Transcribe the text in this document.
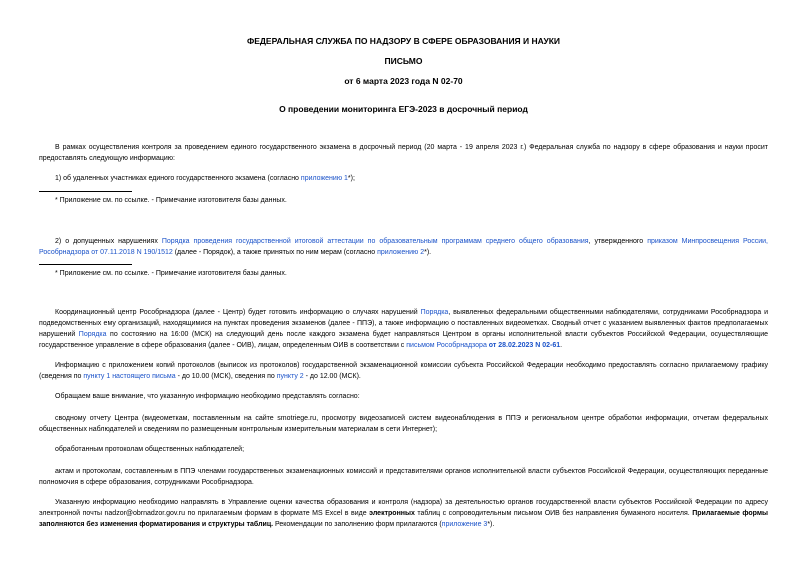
ФЕДЕРАЛЬНАЯ СЛУЖБА ПО НАДЗОРУ В СФЕРЕ ОБРАЗОВАНИЯ И НАУКИ
ПИСЬМО
от 6 марта 2023 года N 02-70
О проведении мониторинга ЕГЭ-2023 в досрочный период
В рамках осуществления контроля за проведением единого государственного экзамена в досрочный период (20 марта - 19 апреля 2023 г.) Федеральная служба по надзору в сфере образования и науки просит предоставлять следующую информацию:
1) об удаленных участниках единого государственного экзамена (согласно приложению 1*);
* Приложение см. по ссылке. - Примечание изготовителя базы данных.
2) о допущенных нарушениях Порядка проведения государственной итоговой аттестации по образовательным программам среднего общего образования, утвержденного приказом Минпросвещения России, Рособрнадзора от 07.11.2018 N 190/1512 (далее - Порядок), а также принятых по ним мерам (согласно приложению 2*).
* Приложение см. по ссылке. - Примечание изготовителя базы данных.
Координационный центр Рособрнадзора (далее - Центр) будет готовить информацию о случаях нарушений Порядка, выявленных федеральными общественными наблюдателями, сотрудниками Рособрнадзора и подведомственных ему организаций, находящимися на пунктах проведения экзаменов (далее - ППЭ), а также информацию о поставленных видеометках. Сводный отчет с указанием выявленных фактов предполагаемых нарушений Порядка по состоянию на 16:00 (МСК) на следующий день после каждого экзамена будет направляться Центром в органы исполнительной власти субъектов Российской Федерации, осуществляющие государственное управление в сфере образования (далее - ОИВ), лицам, определенным ОИВ в соответствии с письмом Рособрнадзора от 28.02.2023 N 02-61.
Информацию с приложением копий протоколов (выписок из протоколов) государственной экзаменационной комиссии субъекта Российской Федерации необходимо предоставлять согласно прилагаемому графику (сведения по пункту 1 настоящего письма - до 10.00 (МСК), сведения по пункту 2 - до 12.00 (МСК).
Обращаем ваше внимание, что указанную информацию необходимо представлять согласно:
сводному отчету Центра (видеометкам, поставленным на сайте smotriege.ru, просмотру видеозаписей систем видеонаблюдения в ППЭ и региональном центре обработки информации, отчетам федеральных общественных наблюдателей и сведениям по размещенным контрольным измерительным материалам в сети Интернет);
обработанным протоколам общественных наблюдателей;
актам и протоколам, составленным в ППЭ членами государственных экзаменационных комиссий и представителями органов исполнительной власти субъектов Российской Федерации, осуществляющих переданные полномочия в сфере образования, сотрудниками Рособрнадзора.
Указанную информацию необходимо направлять в Управление оценки качества образования и контроля (надзора) за деятельностью органов государственной власти субъектов Российской Федерации по адресу электронной почты nadzor@obrnadzor.gov.ru по прилагаемым формам в формате MS Excel в виде электронных таблиц с сопроводительным письмом ОИВ без направления бумажного носителя. Прилагаемые формы заполняются без изменения форматирования и структуры таблиц. Рекомендации по заполнению форм прилагаются (приложение 3*).
